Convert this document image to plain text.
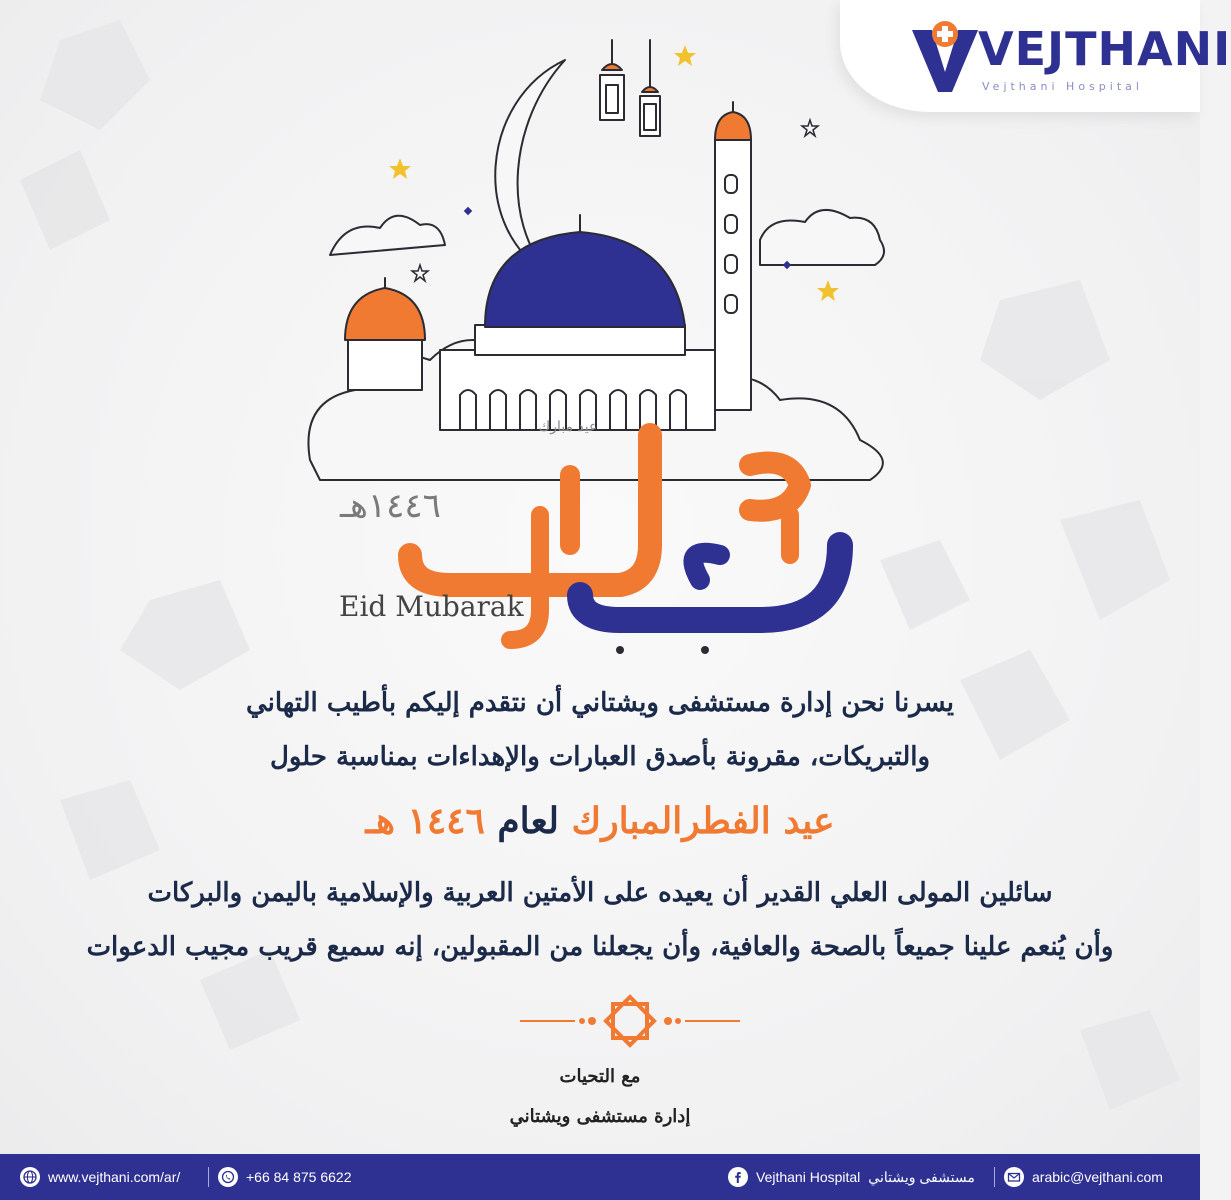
VEJTHANI
Vejthani Hospital
عيد مبارك
١٤٤٦هـ
Eid Mubarak
يسرنا نحن إدارة مستشفى ويشتاني أن نتقدم إليكم بأطيب التهاني
والتبريكات، مقرونة بأصدق العبارات والإهداءات بمناسبة حلول
عيد الفطرالمبارك لعام ١٤٤٦ هـ
سائلين المولى العلي القدير أن يعيده على الأمتين العربية والإسلامية باليمن والبركات
وأن يُنعم علينا جميعاً بالصحة والعافية، وأن يجعلنا من المقبولين، إنه سميع قريب مجيب الدعوات
مع التحيات
إدارة مستشفى ويشتاني
www.vejthani.com/ar/	+66 84 875 6622	Vejthani Hospital مستشفى ويشتاني	arabic@vejthani.com
